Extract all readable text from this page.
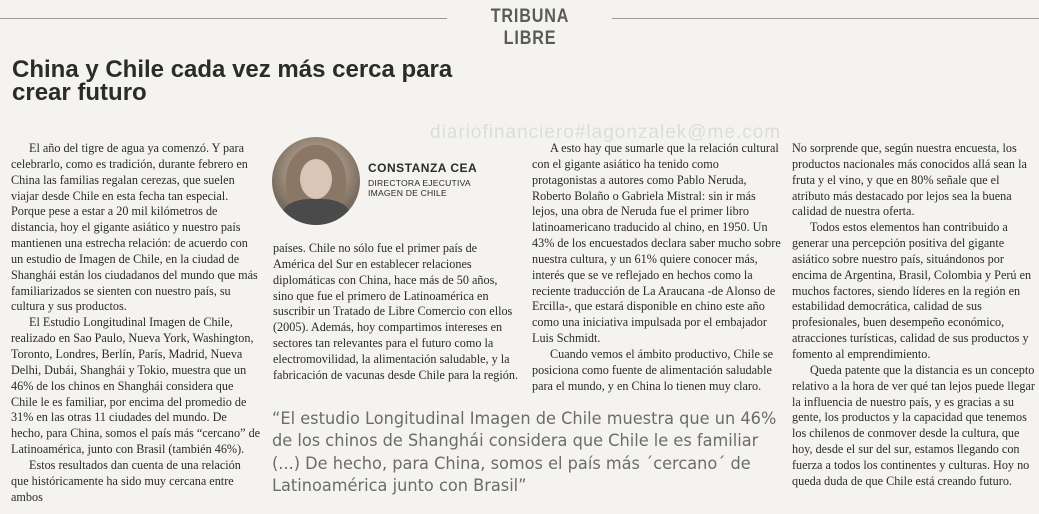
TRIBUNA LIBRE
China y Chile cada vez más cerca para crear futuro
diariofinanciero#lagonzalek@me.com

El año del tigre de agua ya comenzó. Y para celebrarlo, como es tradición, durante febrero en China las familias regalan cerezas, que suelen viajar desde Chile en esta fecha tan especial. Porque pese a estar a 20 mil kilómetros de distancia, hoy el gigante asiático y nuestro país mantienen una estrecha relación: de acuerdo con un estudio de Imagen de Chile, en la ciudad de Shanghái están los ciudadanos del mundo que más familiarizados se sienten con nuestro país, su cultura y sus productos.

El Estudio Longitudinal Imagen de Chile, realizado en Sao Paulo, Nueva York, Washington, Toronto, Londres, Berlín, París, Madrid, Nueva Delhi, Dubái, Shanghái y Tokio, muestra que un 46% de los chinos en Shanghái considera que Chile le es familiar, por encima del promedio de 31% en las otras 11 ciudades del mundo. De hecho, para China, somos el país más “cercano” de Latinoamérica, junto con Brasil (también 46%).

Estos resultados dan cuenta de una relación que históricamente ha sido muy cercana entre ambos

CONSTANZA CEA
DIRECTORA EJECUTIVA IMAGEN DE CHILE

países. Chile no sólo fue el primer país de América del Sur en establecer relaciones diplomáticas con China, hace más de 50 años, sino que fue el primero de Latinoamérica en suscribir un Tratado de Libre Comercio con ellos (2005). Además, hoy compartimos intereses en sectores tan relevantes para el futuro como la electromovilidad, la alimentación saludable, y la fabricación de vacunas desde Chile para la región.

A esto hay que sumarle que la relación cultural con el gigante asiático ha tenido como protagonistas a autores como Pablo Neruda, Roberto Bolaño o Gabriela Mistral: sin ir más lejos, una obra de Neruda fue el primer libro latinoamericano traducido al chino, en 1950. Un 43% de los encuestados declara saber mucho sobre nuestra cultura, y un 61% quiere conocer más, interés que se ve reflejado en hechos como la reciente traducción de La Araucana -de Alonso de Ercilla-, que estará disponible en chino este año como una iniciativa impulsada por el embajador Luis Schmidt.

Cuando vemos el ámbito productivo, Chile se posiciona como fuente de alimentación saludable para el mundo, y en China lo tienen muy claro.

No sorprende que, según nuestra encuesta, los productos nacionales más conocidos allá sean la fruta y el vino, y que en 80% señale que el atributo más destacado por lejos sea la buena calidad de nuestra oferta.

Todos estos elementos han contribuido a generar una percepción positiva del gigante asiático sobre nuestro país, situándonos por encima de Argentina, Brasil, Colombia y Perú en muchos factores, siendo líderes en la región en estabilidad democrática, calidad de sus profesionales, buen desempeño económico, atracciones turísticas, calidad de sus productos y fomento al emprendimiento.

Queda patente que la distancia es un concepto relativo a la hora de ver qué tan lejos puede llegar la influencia de nuestro país, y es gracias a su gente, los productos y la capacidad que tenemos los chilenos de conmover desde la cultura, que hoy, desde el sur del sur, estamos llegando con fuerza a todos los continentes y culturas. Hoy no queda duda de que Chile está creando futuro.

“El estudio Longitudinal Imagen de Chile muestra que un 46% de los chinos de Shanghái considera que Chile le es familiar (...) De hecho, para China, somos el país más ´cercano´ de Latinoamérica junto con Brasil”
